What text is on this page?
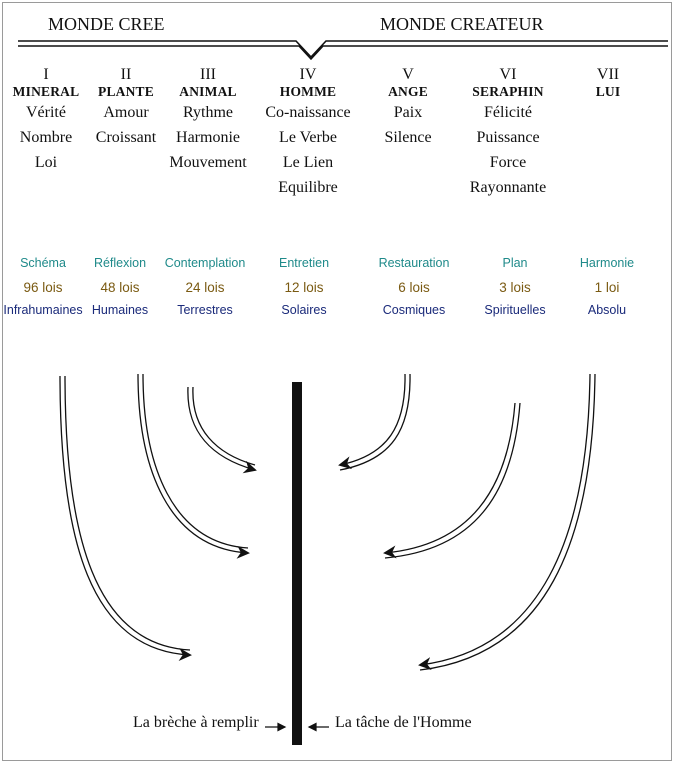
MONDE CREE	MONDE CREATEUR
I
MINERAL
Vérité
Nombre
Loi
II
PLANTE
Amour
Croissant
III
ANIMAL
Rythme
Harmonie
Mouvement
IV
HOMME
Co-naissance
Le Verbe
Le Lien
Equilibre
V
ANGE
Paix
Silence
VI
SERAPHIN
Félicité
Puissance
Force
Rayonnante
VII
LUI
Schéma
96 lois
Infrahumaines
Réflexion
48 lois
Humaines
Contemplation
24 lois
Terrestres
Entretien
12 lois
Solaires
Restauration
6 lois
Cosmiques
Plan
3 lois
Spirituelles
Harmonie
1 loi
Absolu
La brèche à remplir	La tâche de l'Homme
